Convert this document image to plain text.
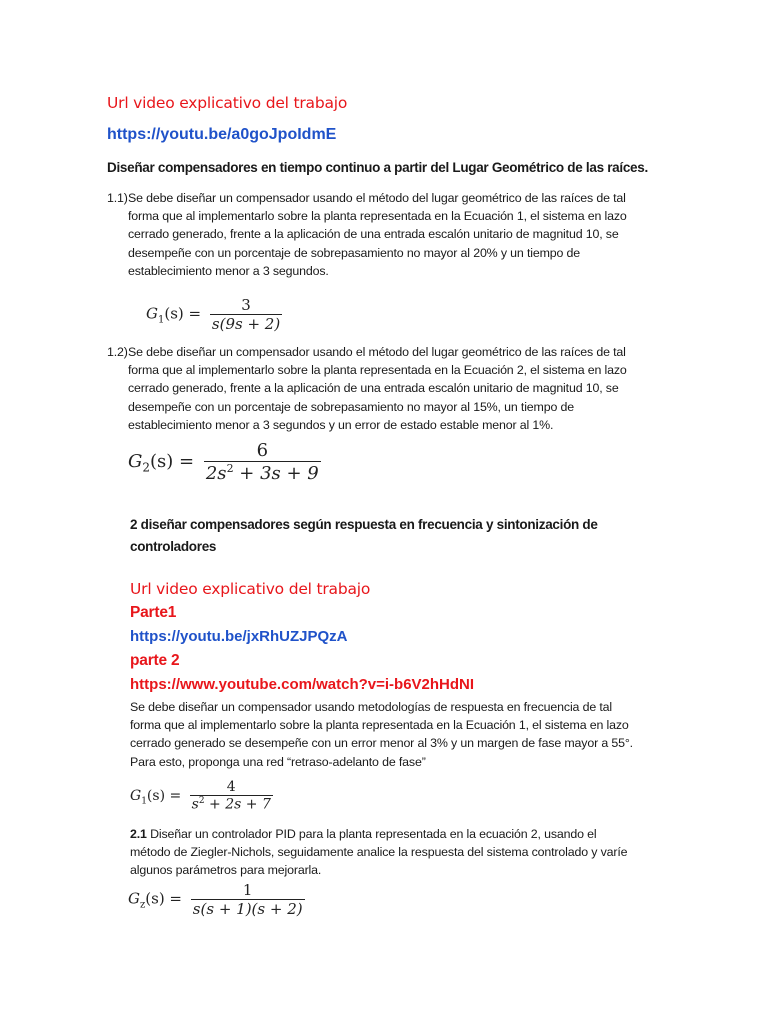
Url video explicativo del trabajo
https://youtu.be/a0goJpoIdmE
Diseñar compensadores en tiempo continuo a partir del Lugar Geométrico de las raíces.
1.1) Se debe diseñar un compensador usando el método del lugar geométrico de las raíces de tal
forma que al implementarlo sobre la planta representada en la Ecuación 1, el sistema en lazo
cerrado generado, frente a la aplicación de una entrada escalón unitario de magnitud 10, se
desempeñe con un porcentaje de sobrepasamiento no mayor al 20% y un tiempo de
establecimiento menor a 3 segundos.
$G_1(s) = \frac{3}{s(9s + 2)}$
1.2) Se debe diseñar un compensador usando el método del lugar geométrico de las raíces de tal
forma que al implementarlo sobre la planta representada en la Ecuación 2, el sistema en lazo
cerrado generado, frente a la aplicación de una entrada escalón unitario de magnitud 10, se
desempeñe con un porcentaje de sobrepasamiento no mayor al 15%, un tiempo de
establecimiento menor a 3 segundos y un error de estado estable menor al 1%.
$G_2(s) = \frac{6}{2s^2 + 3s + 9}$
2 diseñar compensadores según respuesta en frecuencia y sintonización de
controladores
Url video explicativo del trabajo
Parte1
https://youtu.be/jxRhUZJPQzA
parte 2
https://www.youtube.com/watch?v=i-b6V2hHdNI
Se debe diseñar un compensador usando metodologías de respuesta en frecuencia de tal
forma que al implementarlo sobre la planta representada en la Ecuación 1, el sistema en lazo
cerrado generado se desempeñe con un error menor al 3% y un margen de fase mayor a 55°.
Para esto, proponga una red “retraso-adelanto de fase”
$G_1(s) = \frac{4}{s^2 + 2s + 7}$
2.1 Diseñar un controlador PID para la planta representada en la ecuación 2, usando el
método de Ziegler-Nichols, seguidamente analice la respuesta del sistema controlado y varíe
algunos parámetros para mejorarla.
$G_z(s) = \frac{1}{s(s + 1)(s + 2)}$
